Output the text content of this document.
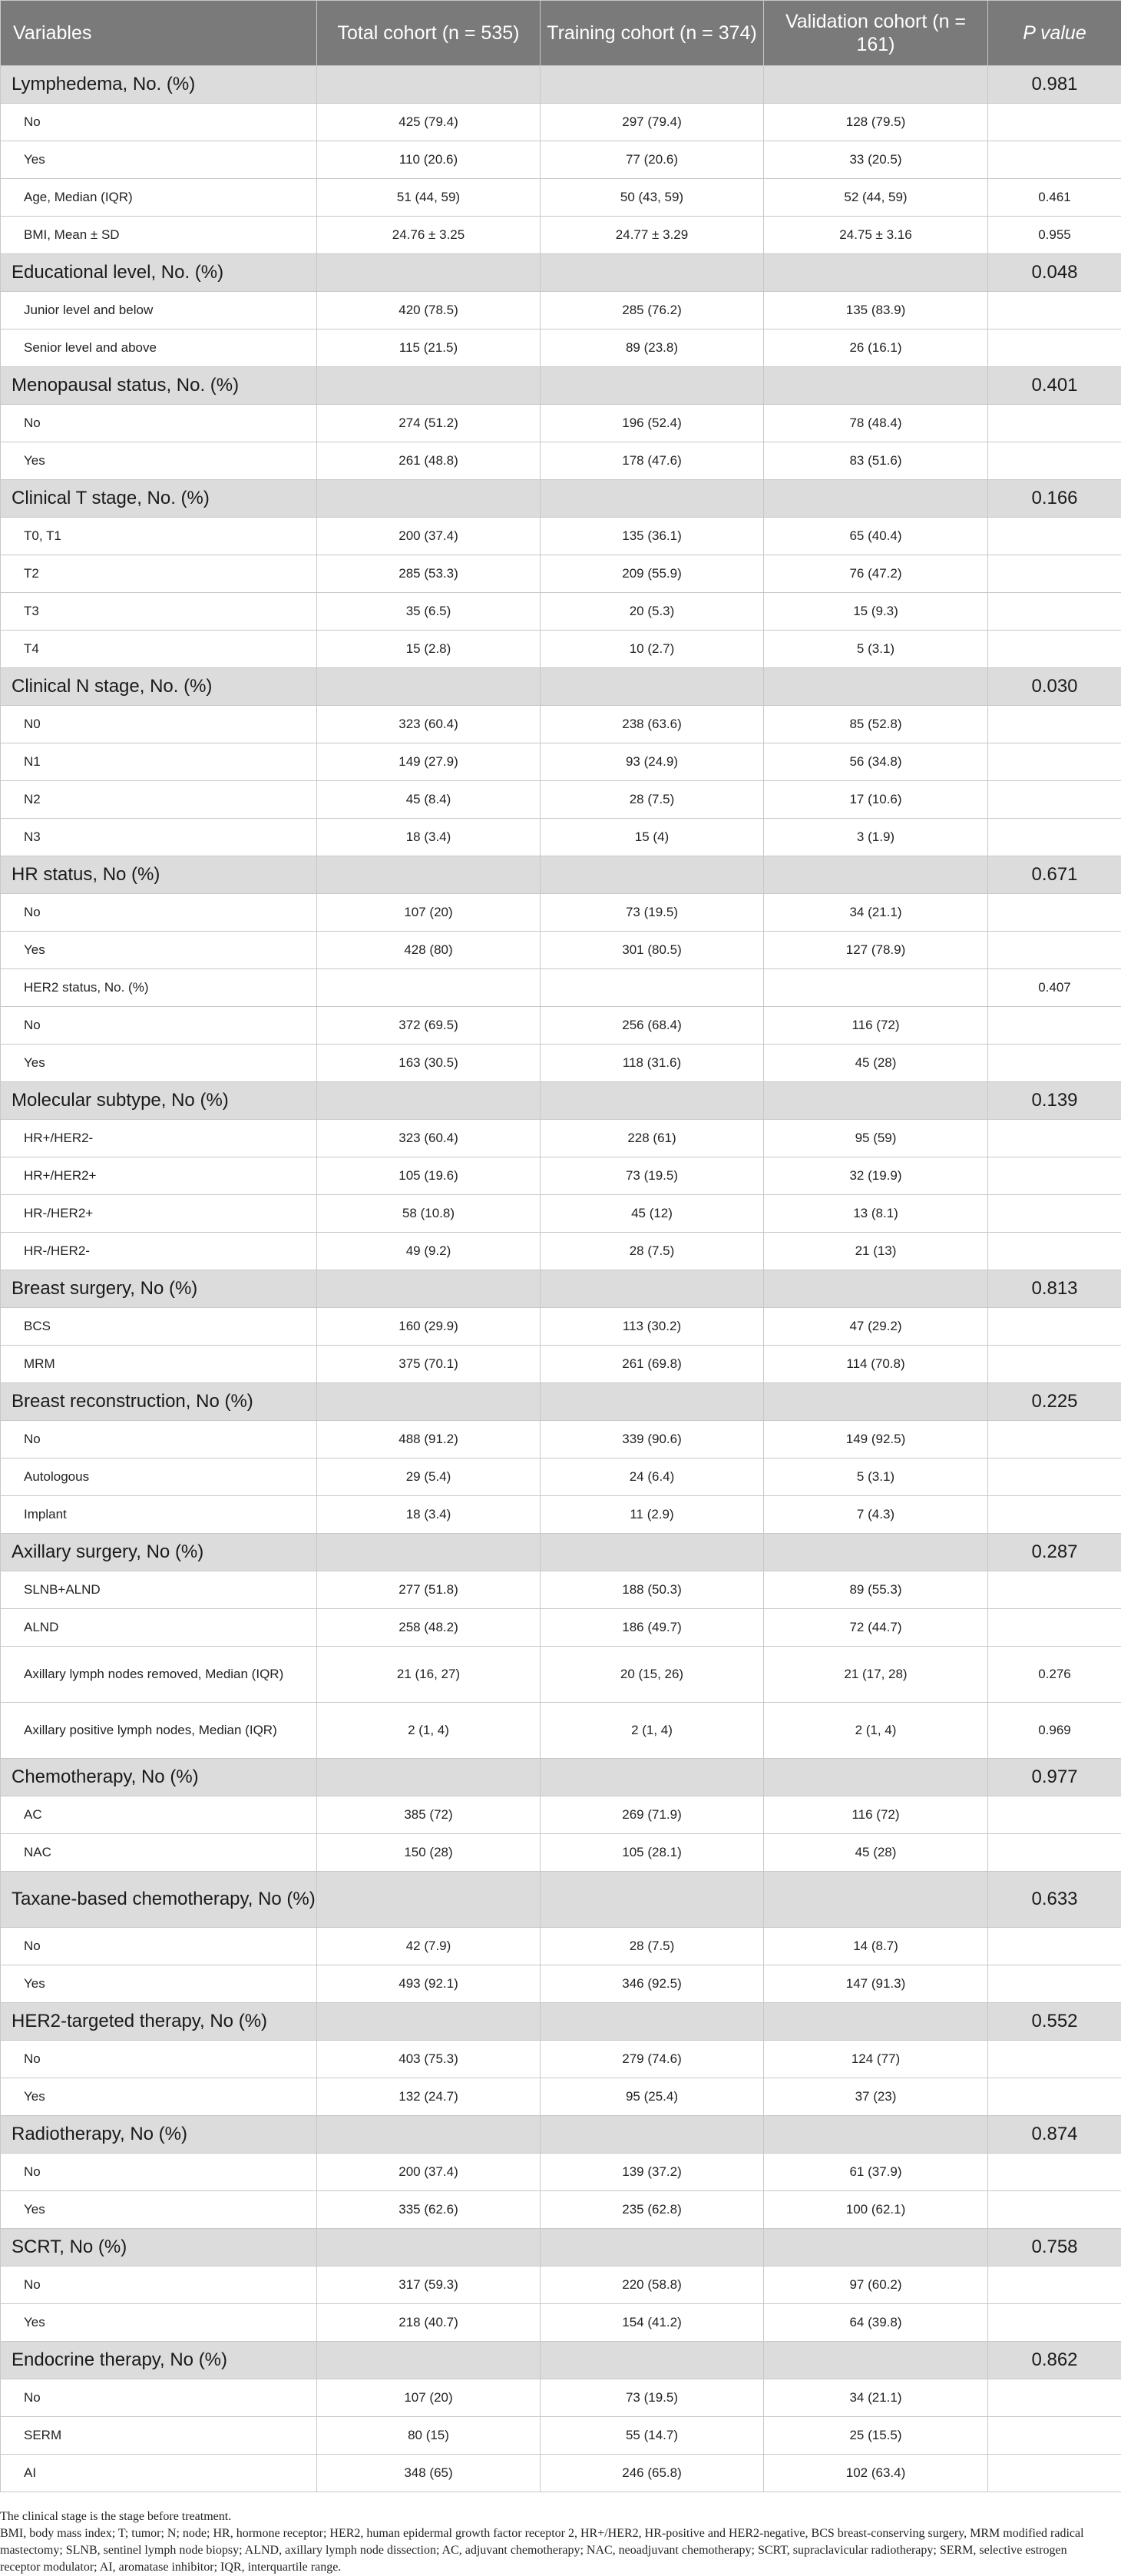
Variables	Total cohort (n = 535)	Training cohort (n = 374)	Validation cohort (n = 161)	P value
Lymphedema, No. (%)				0.981
No	425 (79.4)	297 (79.4)	128 (79.5)	
Yes	110 (20.6)	77 (20.6)	33 (20.5)	
Age, Median (IQR)	51 (44, 59)	50 (43, 59)	52 (44, 59)	0.461
BMI, Mean ± SD	24.76 ± 3.25	24.77 ± 3.29	24.75 ± 3.16	0.955
Educational level, No. (%)				0.048
Junior level and below	420 (78.5)	285 (76.2)	135 (83.9)	
Senior level and above	115 (21.5)	89 (23.8)	26 (16.1)	
Menopausal status, No. (%)				0.401
No	274 (51.2)	196 (52.4)	78 (48.4)	
Yes	261 (48.8)	178 (47.6)	83 (51.6)	
Clinical T stage, No. (%)				0.166
T0, T1	200 (37.4)	135 (36.1)	65 (40.4)	
T2	285 (53.3)	209 (55.9)	76 (47.2)	
T3	35 (6.5)	20 (5.3)	15 (9.3)	
T4	15 (2.8)	10 (2.7)	5 (3.1)	
Clinical N stage, No. (%)				0.030
N0	323 (60.4)	238 (63.6)	85 (52.8)	
N1	149 (27.9)	93 (24.9)	56 (34.8)	
N2	45 (8.4)	28 (7.5)	17 (10.6)	
N3	18 (3.4)	15 (4)	3 (1.9)	
HR status, No (%)				0.671
No	107 (20)	73 (19.5)	34 (21.1)	
Yes	428 (80)	301 (80.5)	127 (78.9)	
HER2 status, No. (%)				0.407
No	372 (69.5)	256 (68.4)	116 (72)	
Yes	163 (30.5)	118 (31.6)	45 (28)	
Molecular subtype, No (%)				0.139
HR+/HER2-	323 (60.4)	228 (61)	95 (59)	
HR+/HER2+	105 (19.6)	73 (19.5)	32 (19.9)	
HR-/HER2+	58 (10.8)	45 (12)	13 (8.1)	
HR-/HER2-	49 (9.2)	28 (7.5)	21 (13)	
Breast surgery, No (%)				0.813
BCS	160 (29.9)	113 (30.2)	47 (29.2)	
MRM	375 (70.1)	261 (69.8)	114 (70.8)	
Breast reconstruction, No (%)				0.225
No	488 (91.2)	339 (90.6)	149 (92.5)	
Autologous	29 (5.4)	24 (6.4)	5 (3.1)	
Implant	18 (3.4)	11 (2.9)	7 (4.3)	
Axillary surgery, No (%)				0.287
SLNB+ALND	277 (51.8)	188 (50.3)	89 (55.3)	
ALND	258 (48.2)	186 (49.7)	72 (44.7)	
Axillary lymph nodes removed, Median (IQR)	21 (16, 27)	20 (15, 26)	21 (17, 28)	0.276
Axillary positive lymph nodes, Median (IQR)	2 (1, 4)	2 (1, 4)	2 (1, 4)	0.969
Chemotherapy, No (%)				0.977
AC	385 (72)	269 (71.9)	116 (72)	
NAC	150 (28)	105 (28.1)	45 (28)	
Taxane-based chemotherapy, No (%)				0.633
No	42 (7.9)	28 (7.5)	14 (8.7)	
Yes	493 (92.1)	346 (92.5)	147 (91.3)	
HER2-targeted therapy, No (%)				0.552
No	403 (75.3)	279 (74.6)	124 (77)	
Yes	132 (24.7)	95 (25.4)	37 (23)	
Radiotherapy, No (%)				0.874
No	200 (37.4)	139 (37.2)	61 (37.9)	
Yes	335 (62.6)	235 (62.8)	100 (62.1)	
SCRT, No (%)				0.758
No	317 (59.3)	220 (58.8)	97 (60.2)	
Yes	218 (40.7)	154 (41.2)	64 (39.8)	
Endocrine therapy, No (%)				0.862
No	107 (20)	73 (19.5)	34 (21.1)	
SERM	80 (15)	55 (14.7)	25 (15.5)	
AI	348 (65)	246 (65.8)	102 (63.4)	

The clinical stage is the stage before treatment.

BMI, body mass index; T; tumor; N; node; HR, hormone receptor; HER2, human epidermal growth factor receptor 2, HR+/HER2, HR-positive and HER2-negative, BCS breast-conserving surgery, MRM modified radical mastectomy; SLNB, sentinel lymph node biopsy; ALND, axillary lymph node dissection; AC, adjuvant chemotherapy; NAC, neoadjuvant chemotherapy; SCRT, supraclavicular radiotherapy; SERM, selective estrogen receptor modulator; AI, aromatase inhibitor; IQR, interquartile range.
